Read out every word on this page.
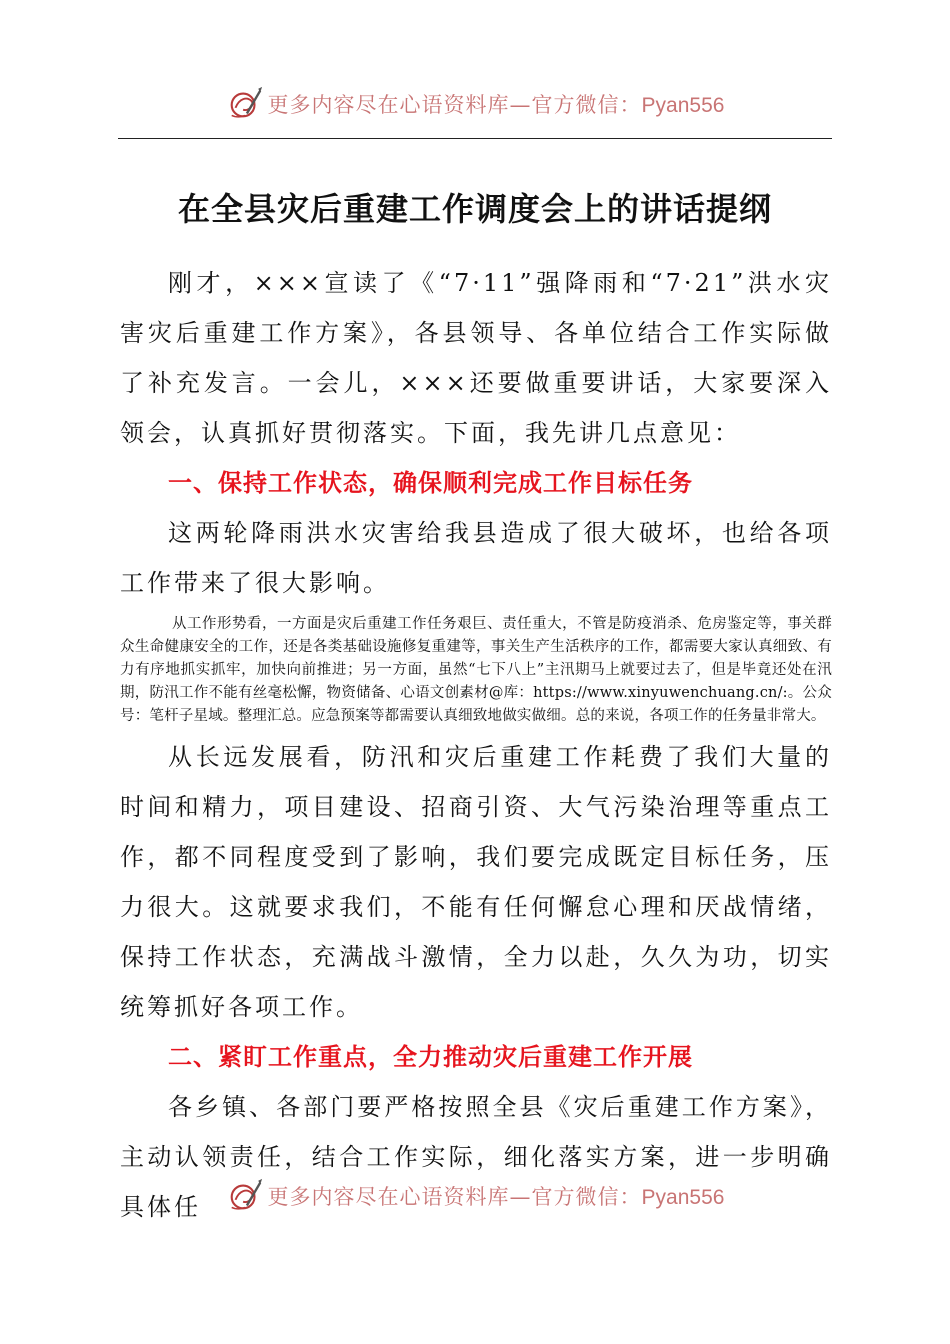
更多内容尽在心语资料库—官方微信：Pyan556
在全县灾后重建工作调度会上的讲话提纲

刚才，×××宣读了《“7·11”强降雨和“7·21”洪水灾害灾后重建工作方案》，各县领导、各单位结合工作实际做了补充发言。一会儿，×××还要做重要讲话，大家要深入领会，认真抓好贯彻落实。下面，我先讲几点意见：

一、保持工作状态，确保顺利完成工作目标任务

这两轮降雨洪水灾害给我县造成了很大破坏，也给各项工作带来了很大影响。

从工作形势看，一方面是灾后重建工作任务艰巨、责任重大，不管是防疫消杀、危房鉴定等，事关群众生命健康安全的工作，还是各类基础设施修复重建等，事关生产生活秩序的工作，都需要大家认真细致、有力有序地抓实抓牢，加快向前推进；另一方面，虽然“七下八上”主汛期马上就要过去了，但是毕竟还处在汛期，防汛工作不能有丝毫松懈，物资储备、心语文创素材@库：https://www.xinyuwenchuang.cn/:。公众号：笔杆子星域。整理汇总。应急预案等都需要认真细致地做实做细。总的来说，各项工作的任务量非常大。

从长远发展看，防汛和灾后重建工作耗费了我们大量的时间和精力，项目建设、招商引资、大气污染治理等重点工作，都不同程度受到了影响，我们要完成既定目标任务，压力很大。这就要求我们，不能有任何懈怠心理和厌战情绪，保持工作状态，充满战斗激情，全力以赴，久久为功，切实统筹抓好各项工作。

二、紧盯工作重点，全力推动灾后重建工作开展

各乡镇、各部门要严格按照全县《灾后重建工作方案》，主动认领责任，结合工作实际，细化落实方案，进一步明确具体任	更多内容尽在心语资料库—官方微信：Pyan556
